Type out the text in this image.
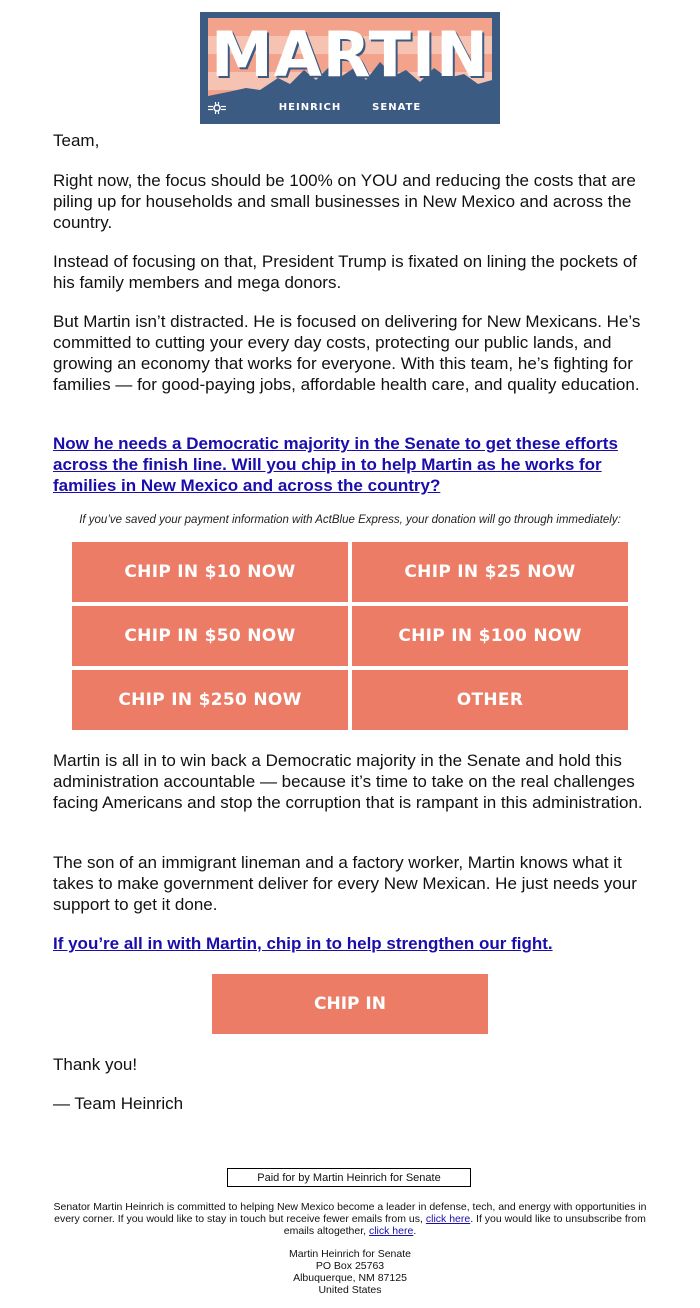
MARTIN
HEINRICH	SENATE

Team,

Right now, the focus should be 100% on YOU and reducing the costs that are piling up for households and small businesses in New Mexico and across the country.

Instead of focusing on that, President Trump is fixated on lining the pockets of his family members and mega donors.

But Martin isn’t distracted. He is focused on delivering for New Mexicans. He’s committed to cutting your every day costs, protecting our public lands, and growing an economy that works for everyone. With this team, he’s fighting for families — for good-paying jobs, affordable health care, and quality education.

Now he needs a Democratic majority in the Senate to get these efforts across the finish line. Will you chip in to help Martin as he works for families in New Mexico and across the country?

If you’ve saved your payment information with ActBlue Express, your donation will go through immediately:
CHIP IN $10 NOW	CHIP IN $25 NOW
CHIP IN $50 NOW	CHIP IN $100 NOW
CHIP IN $250 NOW	OTHER

Martin is all in to win back a Democratic majority in the Senate and hold this administration accountable — because it’s time to take on the real challenges facing Americans and stop the corruption that is rampant in this administration.

The son of an immigrant lineman and a factory worker, Martin knows what it takes to make government deliver for every New Mexican. He just needs your support to get it done.

If you’re all in with Martin, chip in to help strengthen our fight.

CHIP IN

Thank you!

— Team Heinrich

Paid for by Martin Heinrich for Senate
Senator Martin Heinrich is committed to helping New Mexico become a leader in defense, tech, and energy with opportunities in every corner. If you would like to stay in touch but receive fewer emails from us, click here. If you would like to unsubscribe from emails altogether, click here.
Martin Heinrich for Senate
PO Box 25763
Albuquerque, NM 87125
United States
